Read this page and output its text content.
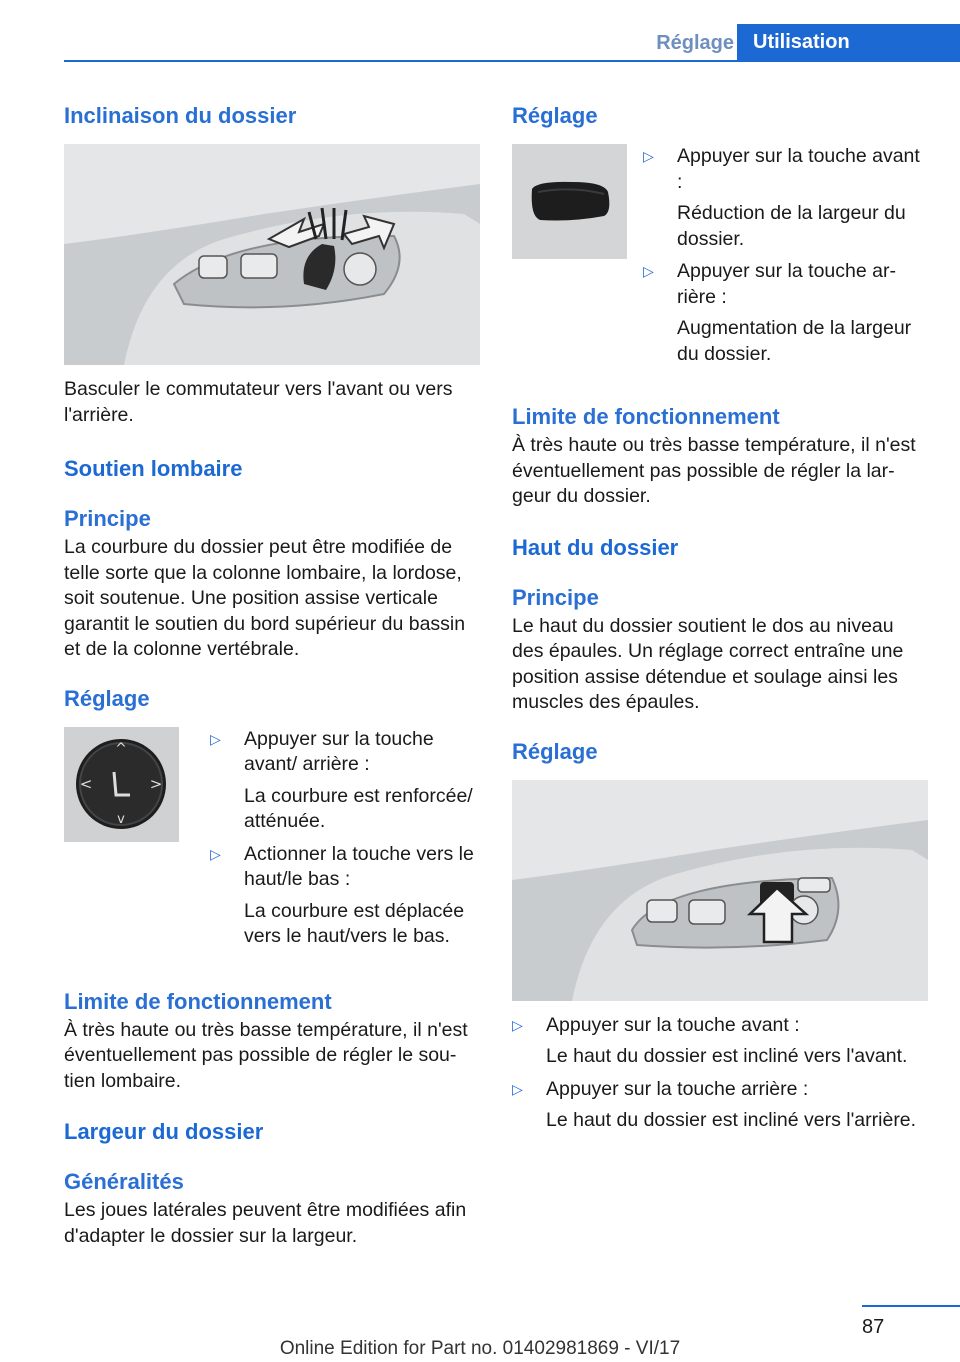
Réglage Utilisation
Inclinaison du dossier
Basculer le commutateur vers l'avant ou vers l'arrière.
Soutien lombaire
Principe
La courbure du dossier peut être modifiée de telle sorte que la colonne lombaire, la lordose, soit soutenue. Une position assise verticale garantit le soutien du bord supérieur du bassin et de la colonne vertébrale.
Réglage
^
v
<	>
▷ Appuyer sur la touche avant/ arrière :
La courbure est renforcée/ atténuée.
▷ Actionner la touche vers le haut/le bas :
La courbure est déplacée vers le haut/vers le bas.
Limite de fonctionnement
À très haute ou très basse température, il n'est éventuellement pas possible de régler le sou- tien lombaire.
Largeur du dossier
Généralités
Les joues latérales peuvent être modifiées afin d'adapter le dossier sur la largeur.
Réglage
▷ Appuyer sur la touche avant :
Réduction de la largeur du dossier.
▷ Appuyer sur la touche ar- rière :
Augmentation de la largeur du dossier.
Limite de fonctionnement
À très haute ou très basse température, il n'est éventuellement pas possible de régler la lar- geur du dossier.
Haut du dossier
Principe
Le haut du dossier soutient le dos au niveau des épaules. Un réglage correct entraîne une position assise détendue et soulage ainsi les muscles des épaules.
Réglage
▷ Appuyer sur la touche avant :
Le haut du dossier est incliné vers l'avant.
▷ Appuyer sur la touche arrière :
Le haut du dossier est incliné vers l'arrière.
87
Online Edition for Part no. 01402981869 - VI/17
